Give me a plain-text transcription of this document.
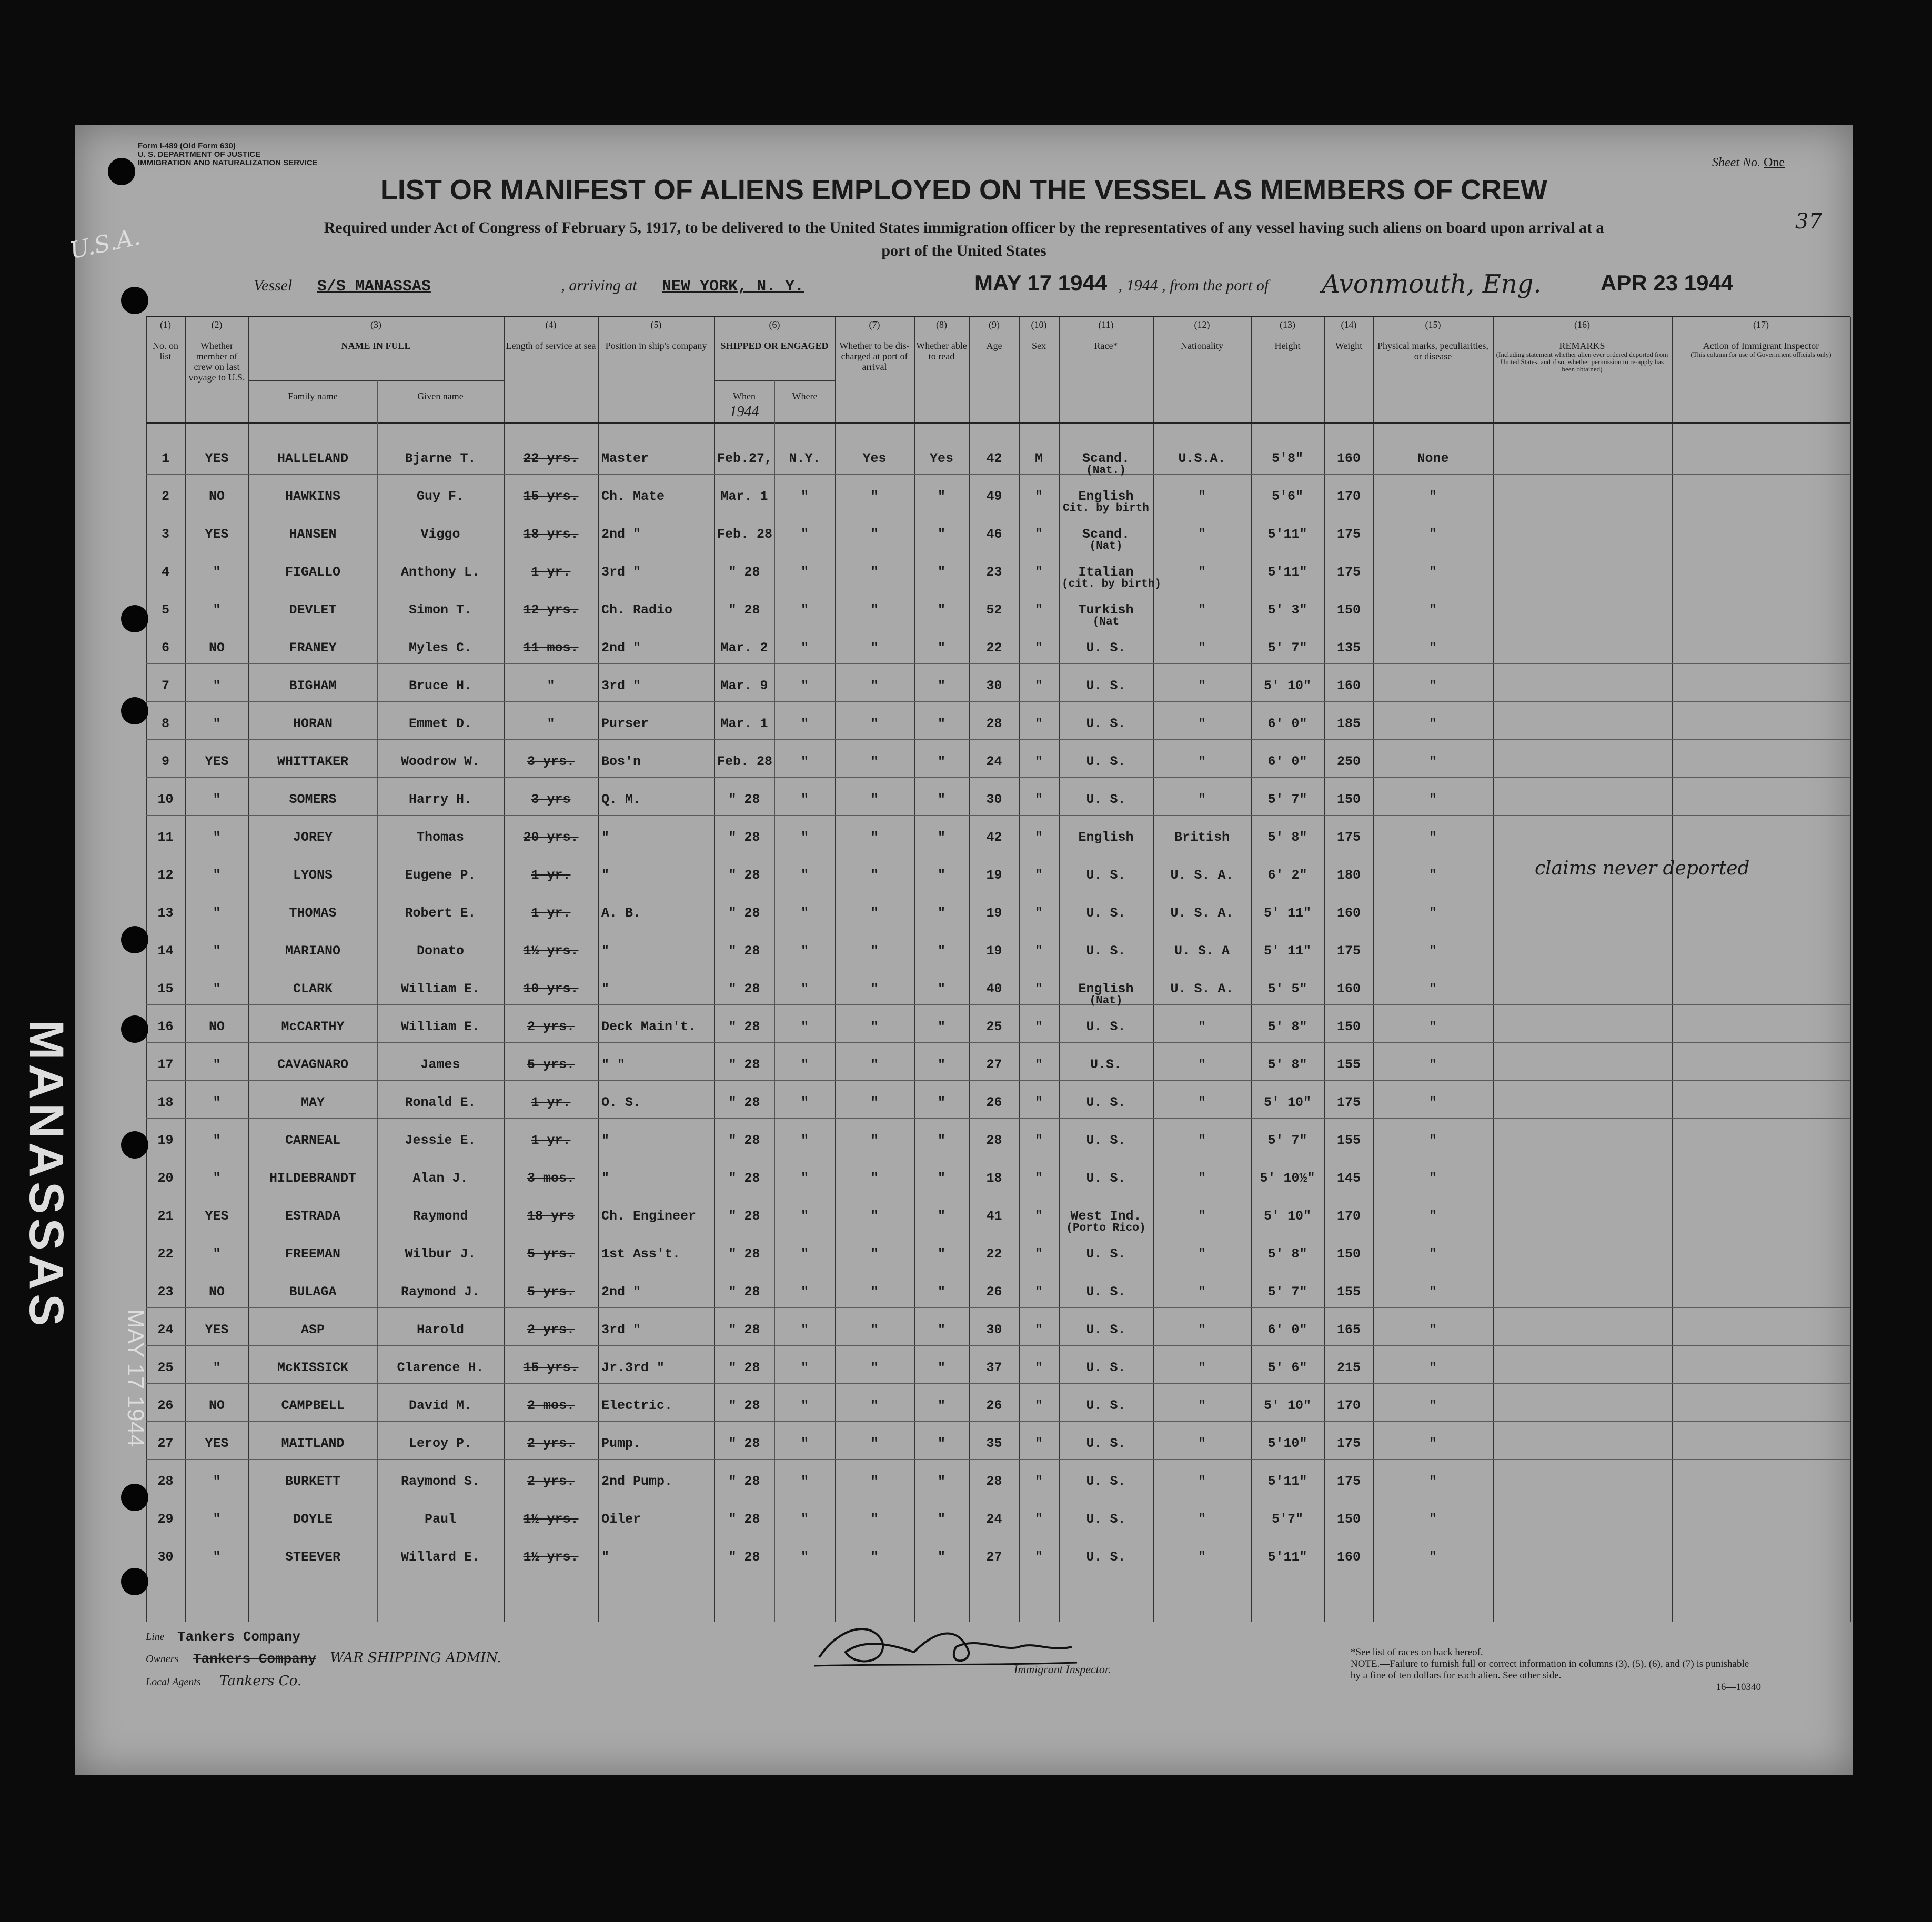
Form I-489 (Old Form 630)
U. S. DEPARTMENT OF JUSTICE
IMMIGRATION AND NATURALIZATION SERVICE	Sheet No. One
37
LIST OR MANIFEST OF ALIENS EMPLOYED ON THE VESSEL AS MEMBERS OF CREW
Required under Act of Congress of February 5, 1917, to be delivered to the United States immigration officer by the representatives of any vessel having such aliens on board upon arrival at a
port of the United States
Vessel S/S MANASSAS	, arriving at NEW YORK, N. Y.	, 1944 , from the port of
MAY 17 1944	Avonmouth, Eng.	APR 23 1944
U.S.A.
MANASSAS
MAY 17 1944
(1)
No. on list
(2)
Whether member of crew on last voyage to U.S.
(3)
NAME IN FULL
Family name	Given name
(4)
Length of service at sea
(5)
Position in ship's company
(6)
SHIPPED OR ENGAGED
When	Where
1944
(7)
Whether to be dis-charged at port of arrival
(8)
Whether able to read
(9)
Age
(10)
Sex
(11)
Race*
(12)
Nationality
(13)
Height
(14)
Weight
(15)
Physical marks, peculiarities, or disease
(16)
REMARKS
(Including statement whether alien ever ordered deported from United States, and if so, whether permission to re-apply has been obtained)
(17)
Action of Immigrant Inspector
(This column for use of Government officials only)
1	YES	HALLELAND	Bjarne T.	22 yrs.	Master	Feb.27,	N.Y.	Yes	Yes	42	M	Scand.	U.S.A.	5'8"	160	None
(Nat.)
2	NO	HAWKINS	Guy F.	15 yrs.	Ch. Mate	Mar. 1	"	"	"	49	"	English	"	5'6"	170	"
Cit. by birth
3	YES	HANSEN	Viggo	18 yrs.	2nd "	Feb. 28	"	"	"	46	"	Scand.	"	5'11"	175	"
(Nat)
4	"	FIGALLO	Anthony L.	1 yr.	3rd "	" 28	"	"	"	23	"	Italian	"	5'11"	175	"
(cit. by birth)
5	"	DEVLET	Simon T.	12 yrs.	Ch. Radio	" 28	"	"	"	52	"	Turkish	"	5' 3"	150	"
(Nat
6	NO	FRANEY	Myles C.	11 mos.	2nd "	Mar. 2	"	"	"	22	"	U. S.	"	5' 7"	135	"
7	"	BIGHAM	Bruce H.	"	3rd "	Mar. 9	"	"	"	30	"	U. S.	"	5' 10"	160	"
8	"	HORAN	Emmet D.	"	Purser	Mar. 1	"	"	"	28	"	U. S.	"	6' 0"	185	"
9	YES	WHITTAKER	Woodrow W.	3 yrs.	Bos'n	Feb. 28	"	"	"	24	"	U. S.	"	6' 0"	250	"
10	"	SOMERS	Harry H.	3 yrs	Q. M.	" 28	"	"	"	30	"	U. S.	"	5' 7"	150	"
11	"	JOREY	Thomas	20 yrs.	"	" 28	"	"	"	42	"	English	British	5' 8"	175	"
12	"	LYONS	Eugene P.	1 yr.	"	" 28	"	"	"	19	"	U. S.	U. S. A.	6' 2"	180	"
13	"	THOMAS	Robert E.	1 yr.	A. B.	" 28	"	"	"	19	"	U. S.	U. S. A.	5' 11"	160	"
14	"	MARIANO	Donato	1½ yrs.	"	" 28	"	"	"	19	"	U. S.	U. S. A	5' 11"	175	"
15	"	CLARK	William E.	10 yrs.	"	" 28	"	"	"	40	"	English	U. S. A.	5' 5"	160	"
(Nat)
16	NO	McCARTHY	William E.	2 yrs.	Deck Main't.	" 28	"	"	"	25	"	U. S.	"	5' 8"	150	"
17	"	CAVAGNARO	James	5 yrs.	" "	" 28	"	"	"	27	"	U.S.	"	5' 8"	155	"
18	"	MAY	Ronald E.	1 yr.	O. S.	" 28	"	"	"	26	"	U. S.	"	5' 10"	175	"
19	"	CARNEAL	Jessie E.	1 yr.	"	" 28	"	"	"	28	"	U. S.	"	5' 7"	155	"
20	"	HILDEBRANDT	Alan J.	3 mos.	"	" 28	"	"	"	18	"	U. S.	"	5' 10½"	145	"
21	YES	ESTRADA	Raymond	18 yrs	Ch. Engineer	" 28	"	"	"	41	"	West Ind.	"	5' 10"	170	"
(Porto Rico)
22	"	FREEMAN	Wilbur J.	5 yrs.	1st Ass't.	" 28	"	"	"	22	"	U. S.	"	5' 8"	150	"
23	NO	BULAGA	Raymond J.	5 yrs.	2nd "	" 28	"	"	"	26	"	U. S.	"	5' 7"	155	"
24	YES	ASP	Harold	2 yrs.	3rd "	" 28	"	"	"	30	"	U. S.	"	6' 0"	165	"
25	"	McKISSICK	Clarence H.	15 yrs.	Jr.3rd "	" 28	"	"	"	37	"	U. S.	"	5' 6"	215	"
26	NO	CAMPBELL	David M.	2 mos.	Electric.	" 28	"	"	"	26	"	U. S.	"	5' 10"	170	"
27	YES	MAITLAND	Leroy P.	2 yrs.	Pump.	" 28	"	"	"	35	"	U. S.	"	5'10"	175	"
28	"	BURKETT	Raymond S.	2 yrs.	2nd Pump.	" 28	"	"	"	28	"	U. S.	"	5'11"	175	"
29	"	DOYLE	Paul	1½ yrs.	Oiler	" 28	"	"	"	24	"	U. S.	"	5'7"	150	"
30	"	STEEVER	Willard E.	1½ yrs.	"	" 28	"	"	"	27	"	U. S.	"	5'11"	160	"
claims never deported
Line Tankers Company
Owners Tankers Company WAR SHIPPING ADMIN.
Local Agents Tankers Co.
Immigrant Inspector.
*See list of races on back hereof.
NOTE.—Failure to furnish full or correct information in columns (3), (5), (6), and (7) is punishable by a fine of ten dollars for each alien. See other side.
16—10340
